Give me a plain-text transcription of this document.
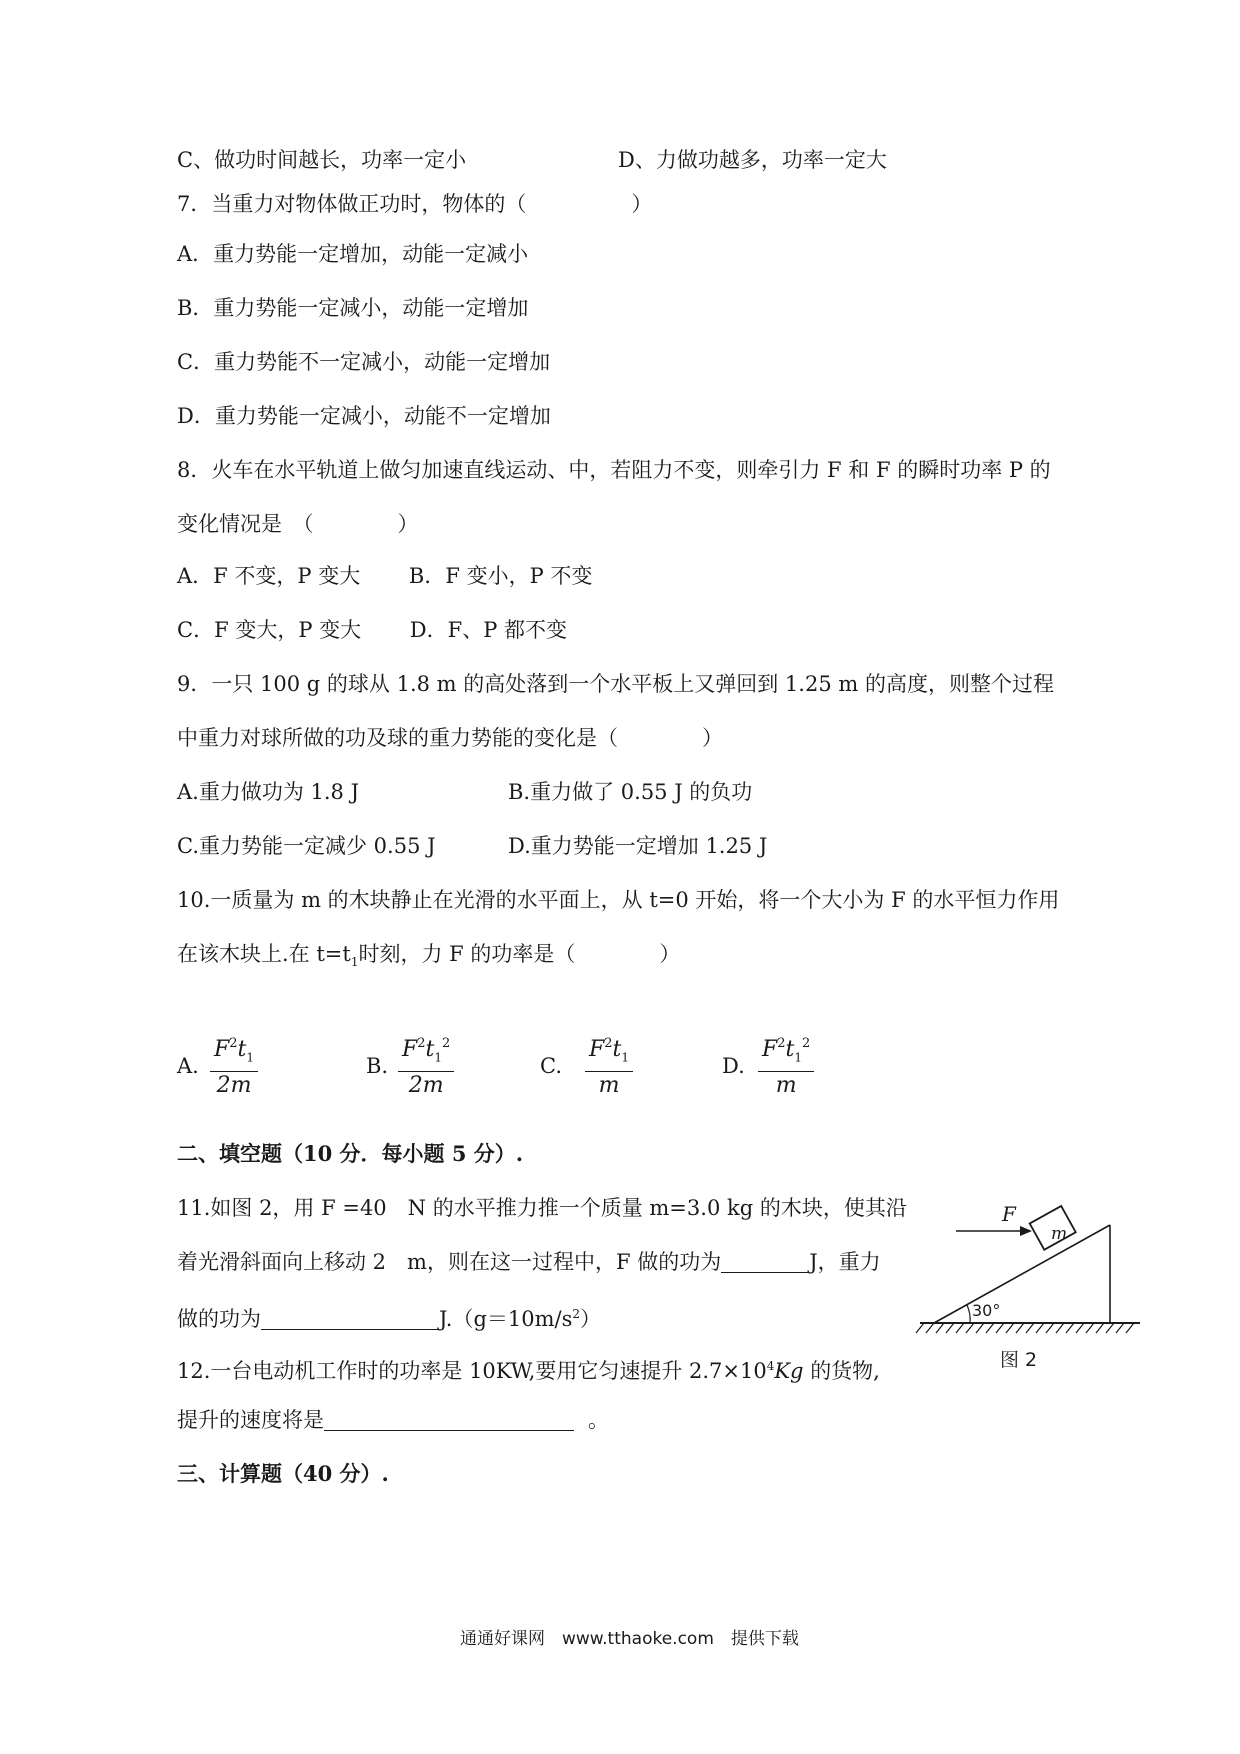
C、做功时间越长，功率一定小	D、力做功越多，功率一定大
7．当重力对物体做正功时，物体的（　　　　　）
A．重力势能一定增加，动能一定减小
B．重力势能一定减小，动能一定增加
C．重力势能不一定减小，动能一定增加
D．重力势能一定减小，动能不一定增加
8．火车在水平轨道上做匀加速直线运动、中，若阻力不变，则牵引力 F 和 F 的瞬时功率 P 的
变化情况是　（　　　　）
A．F 不变，P 变大　　 B．F 变小，P 不变
C．F 变大，P 变大　　 D．F、P 都不变
9．一只 100 g 的球从 1.8 m 的高处落到一个水平板上又弹回到 1.25 m 的高度，则整个过程
中重力对球所做的功及球的重力势能的变化是（　　　　）
A.重力做功为 1.8 J	B.重力做了 0.55 J 的负功
C.重力势能一定减少 0.55 J	D.重力势能一定增加 1.25 J
10.一质量为 m 的木块静止在光滑的水平面上，从 t=0 开始，将一个大小为 F 的水平恒力作用
在该木块上.在 $t=t_1$时刻，力 F 的功率是（　　　　）
A. $\frac{F^2t_1}{2m}$	B. $\frac{F^2t_1^2}{2m}$	C. $\frac{F^2t_1}{m}$	D. $\frac{F^2t_1^2}{m}$
二、填空题（10 分．每小题 5 分）.
11.如图 2，用 F =40　N 的水平推力推一个质量 m=3.0 kg 的木块，使其沿
着光滑斜面向上移动 2　m，则在这一过程中，F 做的功为	J，重力
做的功为	$J.(g=10m/s^2)$
F
m
30°
图 2
12.一台电动机工作时的功率是 10KW,要用它匀速提升 $2.7\times 10^4Kg$ 的货物,
提升的速度将是	。
三、计算题（40 分）.
通通好课网　www.tthaoke.com　提供下载
